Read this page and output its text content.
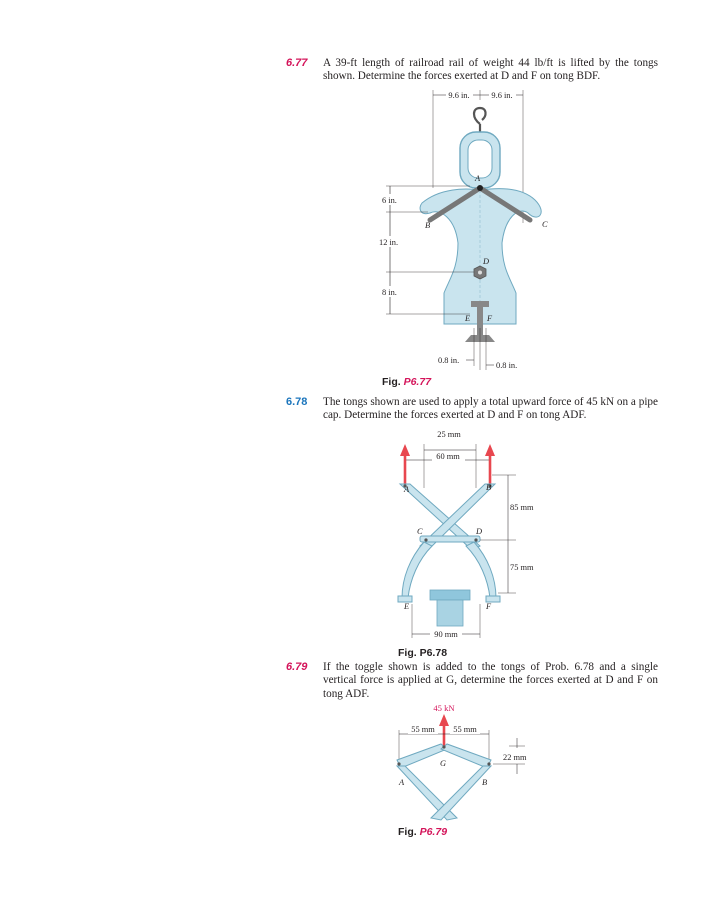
6.77 A 39-ft length of railroad rail of weight 44 lb/ft is lifted by the tongs shown. Determine the forces exerted at D and F on tong BDF.
9.6 in.	9.6 in.
A
B	C
D
E F
6 in.
12 in.
8 in.
0.8 in.
0.8 in.
Fig. P6.77
6.78 The tongs shown are used to apply a total upward force of 45 kN on a pipe cap. Determine the forces exerted at D and F on tong ADF.
25 mm
60 mm
A	B
C	D
E	F
85 mm
75 mm
90 mm
Fig. P6.78
6.79 If the toggle shown is added to the tongs of Prob. 6.78 and a single vertical force is applied at G, determine the forces exerted at D and F on tong ADF.
45 kN
55 mm 55 mm
G
A	B
22 mm
Fig. P6.79
